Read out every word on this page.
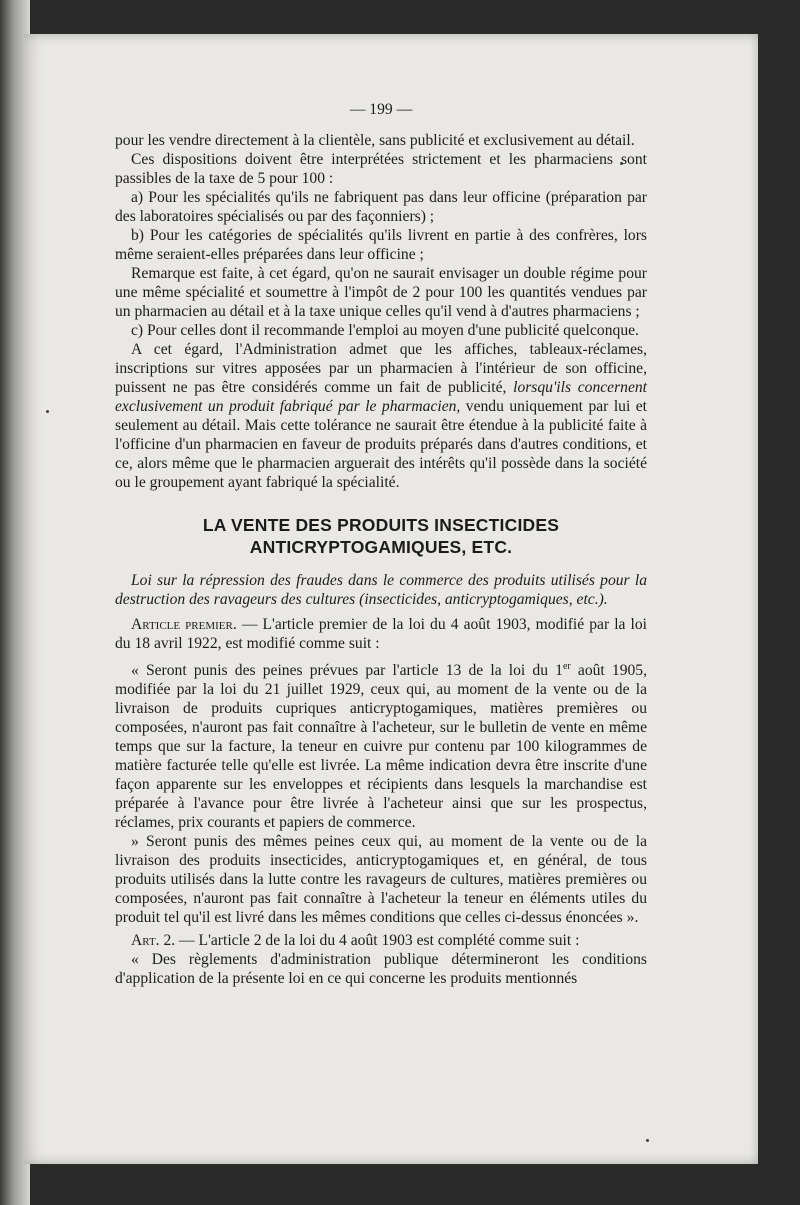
— 199 —

pour les vendre directement à la clientèle, sans publicité et exclusivement au détail.

Ces dispositions doivent être interprétées strictement et les pharmaciens sont passibles de la taxe de 5 pour 100 :

a) Pour les spécialités qu'ils ne fabriquent pas dans leur officine (préparation par des laboratoires spécialisés ou par des façonniers) ;

b) Pour les catégories de spécialités qu'ils livrent en partie à des confrères, lors même seraient-elles préparées dans leur officine ;

Remarque est faite, à cet égard, qu'on ne saurait envisager un double régime pour une même spécialité et soumettre à l'impôt de 2 pour 100 les quantités vendues par un pharmacien au détail et à la taxe unique celles qu'il vend à d'autres pharmaciens ;

c) Pour celles dont il recommande l'emploi au moyen d'une publicité quelconque.

A cet égard, l'Administration admet que les affiches, tableaux-réclames, inscriptions sur vitres apposées par un pharmacien à l'intérieur de son officine, puissent ne pas être considérés comme un fait de publicité, lorsqu'ils concernent exclusivement un produit fabriqué par le pharmacien, vendu uniquement par lui et seulement au détail. Mais cette tolérance ne saurait être étendue à la publicité faite à l'officine d'un pharmacien en faveur de produits préparés dans d'autres conditions, et ce, alors même que le pharmacien arguerait des intérêts qu'il possède dans la société ou le groupement ayant fabriqué la spécialité.

LA VENTE DES PRODUITS INSECTICIDES
ANTICRYPTOGAMIQUES, ETC.

Loi sur la répression des fraudes dans le commerce des produits utilisés pour la destruction des ravageurs des cultures (insecticides, anticryptogamiques, etc.).

Article premier. — L'article premier de la loi du 4 août 1903, modifié par la loi du 18 avril 1922, est modifié comme suit :

« Seront punis des peines prévues par l'article 13 de la loi du 1er août 1905, modifiée par la loi du 21 juillet 1929, ceux qui, au moment de la vente ou de la livraison de produits cupriques anticryptogamiques, matières premières ou composées, n'auront pas fait connaître à l'acheteur, sur le bulletin de vente en même temps que sur la facture, la teneur en cuivre pur contenu par 100 kilogrammes de matière facturée telle qu'elle est livrée. La même indication devra être inscrite d'une façon apparente sur les enveloppes et récipients dans lesquels la marchandise est préparée à l'avance pour être livrée à l'acheteur ainsi que sur les prospectus, réclames, prix courants et papiers de commerce.

» Seront punis des mêmes peines ceux qui, au moment de la vente ou de la livraison des produits insecticides, anticryptogamiques et, en général, de tous produits utilisés dans la lutte contre les ravageurs de cultures, matières premières ou composées, n'auront pas fait connaître à l'acheteur la teneur en éléments utiles du produit tel qu'il est livré dans les mêmes conditions que celles ci-dessus énoncées ».

Art. 2. — L'article 2 de la loi du 4 août 1903 est complété comme suit :

« Des règlements d'administration publique détermineront les conditions d'application de la présente loi en ce qui concerne les produits mentionnés
